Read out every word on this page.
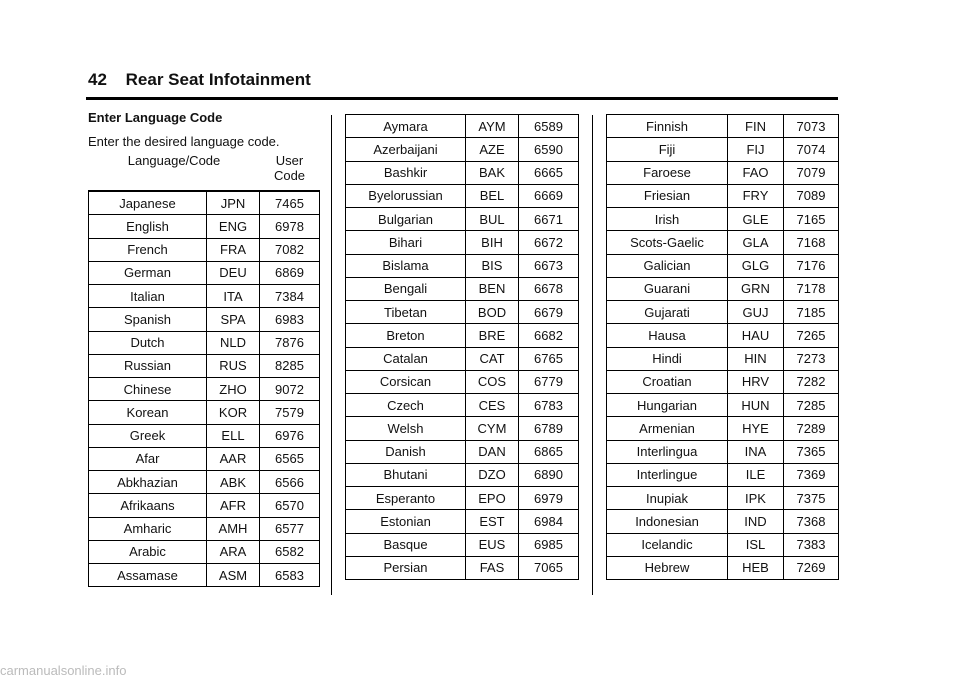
42 Rear Seat Infotainment
Enter Language Code
Enter the desired language code.
Language/Code		User
Code
Japanese	JPN	7465
English	ENG	6978
French	FRA	7082
German	DEU	6869
Italian	ITA	7384
Spanish	SPA	6983
Dutch	NLD	7876
Russian	RUS	8285
Chinese	ZHO	9072
Korean	KOR	7579
Greek	ELL	6976
Afar	AAR	6565
Abkhazian	ABK	6566
Afrikaans	AFR	6570
Amharic	AMH	6577
Arabic	ARA	6582
Assamase	ASM	6583
Aymara	AYM	6589
Azerbaijani	AZE	6590
Bashkir	BAK	6665
Byelorussian	BEL	6669
Bulgarian	BUL	6671
Bihari	BIH	6672
Bislama	BIS	6673
Bengali	BEN	6678
Tibetan	BOD	6679
Breton	BRE	6682
Catalan	CAT	6765
Corsican	COS	6779
Czech	CES	6783
Welsh	CYM	6789
Danish	DAN	6865
Bhutani	DZO	6890
Esperanto	EPO	6979
Estonian	EST	6984
Basque	EUS	6985
Persian	FAS	7065
Finnish	FIN	7073
Fiji	FIJ	7074
Faroese	FAO	7079
Friesian	FRY	7089
Irish	GLE	7165
Scots-Gaelic	GLA	7168
Galician	GLG	7176
Guarani	GRN	7178
Gujarati	GUJ	7185
Hausa	HAU	7265
Hindi	HIN	7273
Croatian	HRV	7282
Hungarian	HUN	7285
Armenian	HYE	7289
Interlingua	INA	7365
Interlingue	ILE	7369
Inupiak	IPK	7375
Indonesian	IND	7368
Icelandic	ISL	7383
Hebrew	HEB	7269
carmanualsonline.info
